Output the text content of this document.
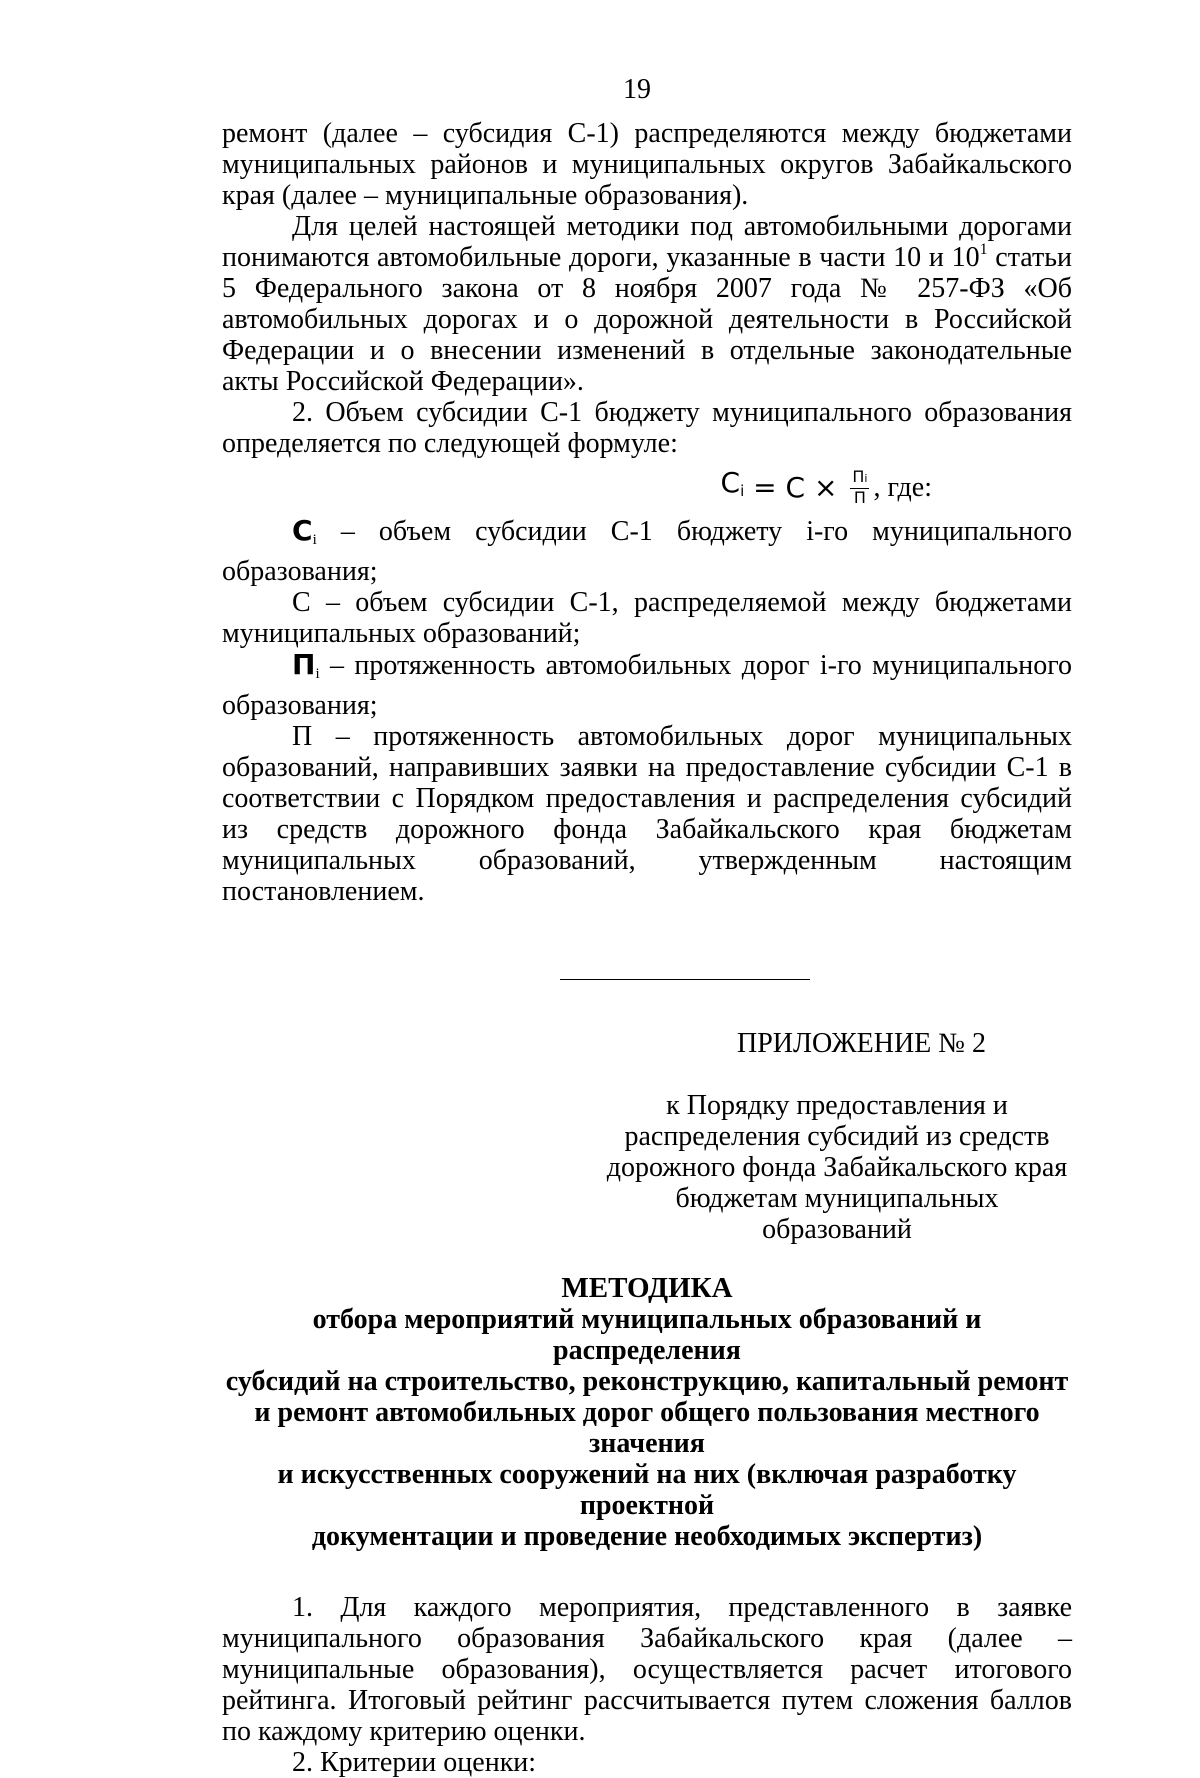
19

ремонт (далее – субсидия С-1) распределяются между бюджетами муниципальных районов и муниципальных округов Забайкальского края (далее – муниципальные образования).

Для целей настоящей методики под автомобильными дорогами понимаются автомобильные дороги, указанные в части 10 и $10^1$ статьи 5 Федерального закона от 8 ноября 2007 года № 257-ФЗ «Об автомобильных дорогах и о дорожной деятельности в Российской Федерации и о внесении изменений в отдельные законодательные акты Российской Федерации».

2. Объем субсидии С-1 бюджету муниципального образования определяется по следующей формуле:

$C_i = C \times \frac{Пi}{П}$ , где:

$C_i$ – объем субсидии С-1 бюджету i-го муниципального образования;

С – объем субсидии С-1, распределяемой между бюджетами муниципальных образований;

$П_i$ – протяженность автомобильных дорог i-го муниципального образования;

П – протяженность автомобильных дорог муниципальных образований, направивших заявки на предоставление субсидии С-1 в соответствии с Порядком предоставления и распределения субсидий из средств дорожного фонда Забайкальского края бюджетам муниципальных образований, утвержденным настоящим постановлением.

ПРИЛОЖЕНИЕ № 2
к Порядку предоставления и
распределения субсидий из средств
дорожного фонда Забайкальского края
бюджетам муниципальных образований
МЕТОДИКА
отбора мероприятий муниципальных образований и распределения
субсидий на строительство, реконструкцию, капитальный ремонт
и ремонт автомобильных дорог общего пользования местного значения
и искусственных сооружений на них (включая разработку проектной
документации и проведение необходимых экспертиз)

1. Для каждого мероприятия, представленного в заявке муниципального образования Забайкальского края (далее – муниципальные образования), осуществляется расчет итогового рейтинга. Итоговый рейтинг рассчитывается путем сложения баллов по каждому критерию оценки.

2. Критерии оценки:
